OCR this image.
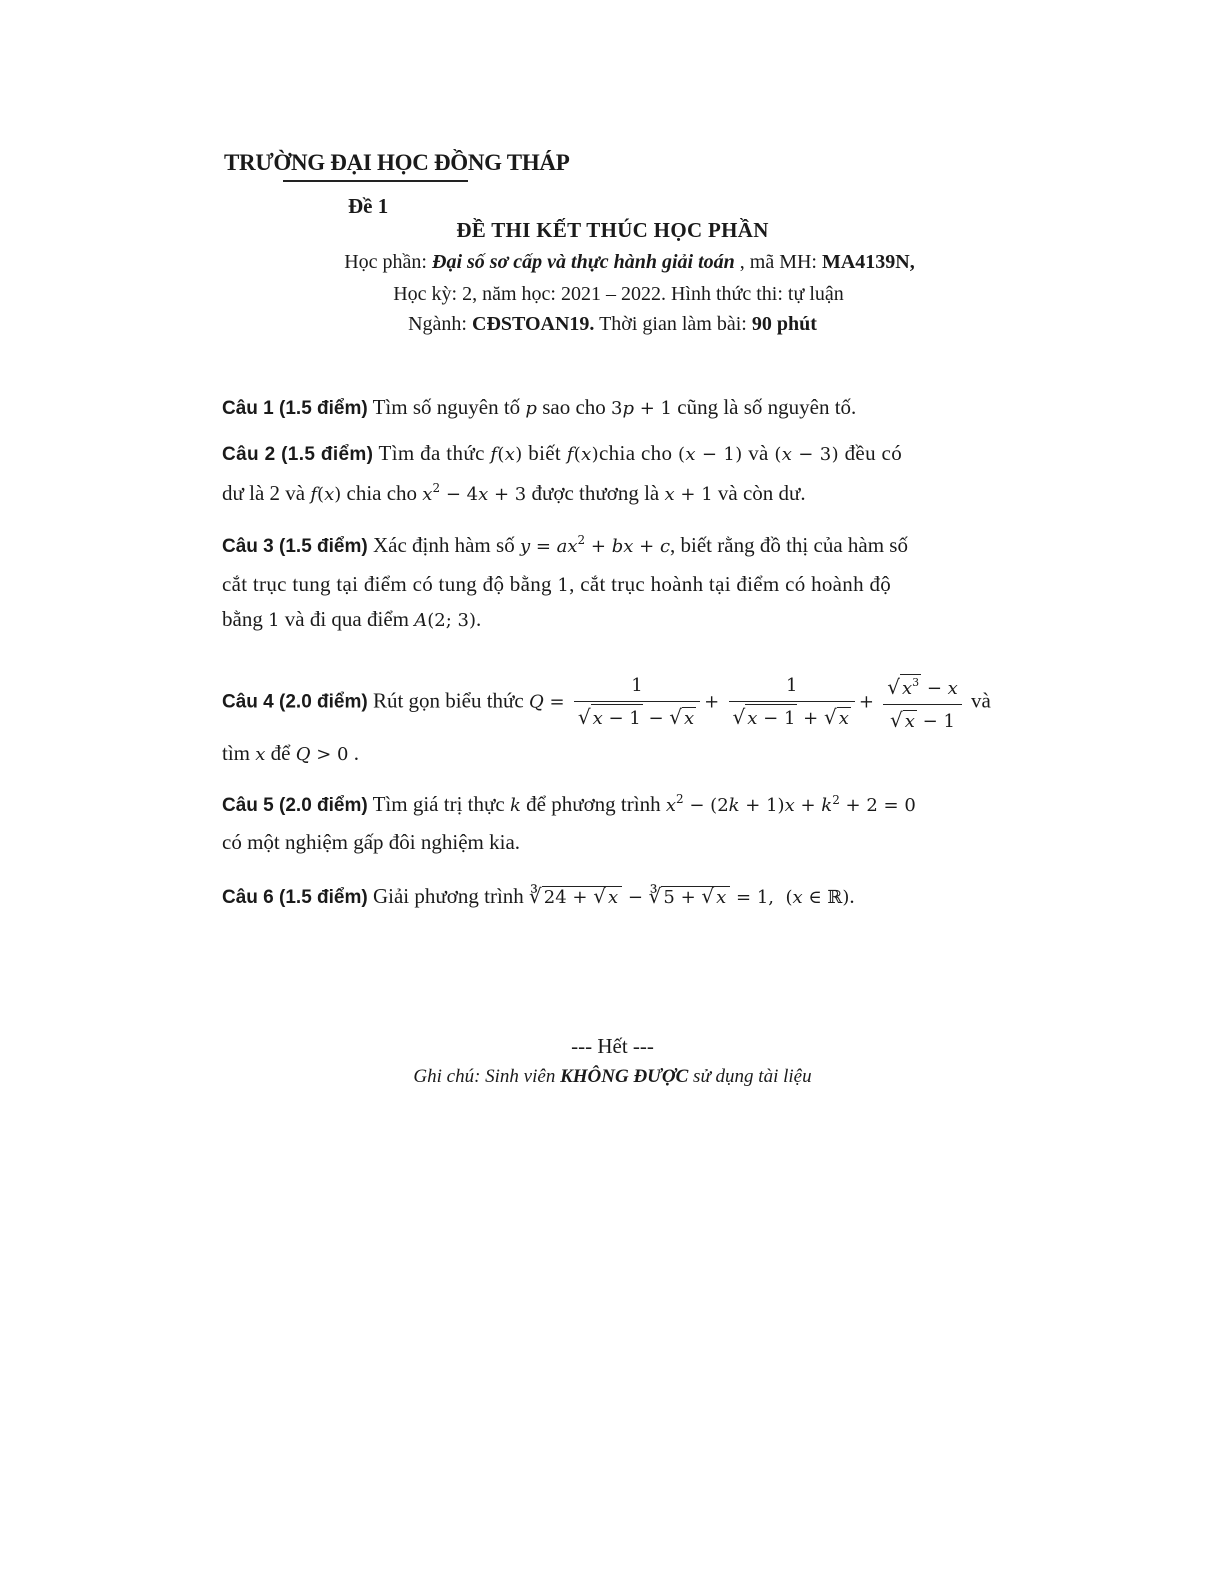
TRƯỜNG ĐẠI HỌC ĐỒNG THÁP
Đề 1
ĐỀ THI KẾT THÚC HỌC PHẦN
Học phần: Đại số sơ cấp và thực hành giải toán , mã MH: MA4139N,
Học kỳ: 2, năm học: 2021 – 2022. Hình thức thi: tự luận
Ngành: CĐSTOAN19. Thời gian làm bài: 90 phút
Câu 1 (1.5 điểm) Tìm số nguyên tố p sao cho 3p + 1 cũng là số nguyên tố.
Câu 2 (1.5 điểm) Tìm đa thức f(x) biết f(x)chia cho (x − 1) và (x − 3) đều có
dư là 2 và f(x) chia cho $x^2 - 4x + 3$ được thương là x + 1 và còn dư.
Câu 3 (1.5 điểm) Xác định hàm số $y = ax^2$ + bx + c, biết rằng đồ thị của hàm số
cắt trục tung tại điểm có tung độ bằng 1, cắt trục hoành tại điểm có hoành độ
bằng 1 và đi qua điểm A(2; 3).
Câu 4 (2.0 điểm) Rút gọn biểu thức $Q = \frac{1}{√ x - 1 - √ x} + \frac{1}{√ x - 1 + √ x} + \frac{√ x^3 - x}{√ x - 1}$ và
tìm x để Q > 0 .
Câu 5 (2.0 điểm) Tìm giá trị thực k để phương trình $x^2 - (2k + 1)x + k^2 + 2 = 0$
có một nghiệm gấp đôi nghiệm kia.
Câu 6 (1.5 điểm) Giải phương trình ∛ 24 + √ x − ∛ 5 + √ x = 1,  (x ∈ ℝ).
--- Hết ---
Ghi chú: Sinh viên KHÔNG ĐƯỢC sử dụng tài liệu
